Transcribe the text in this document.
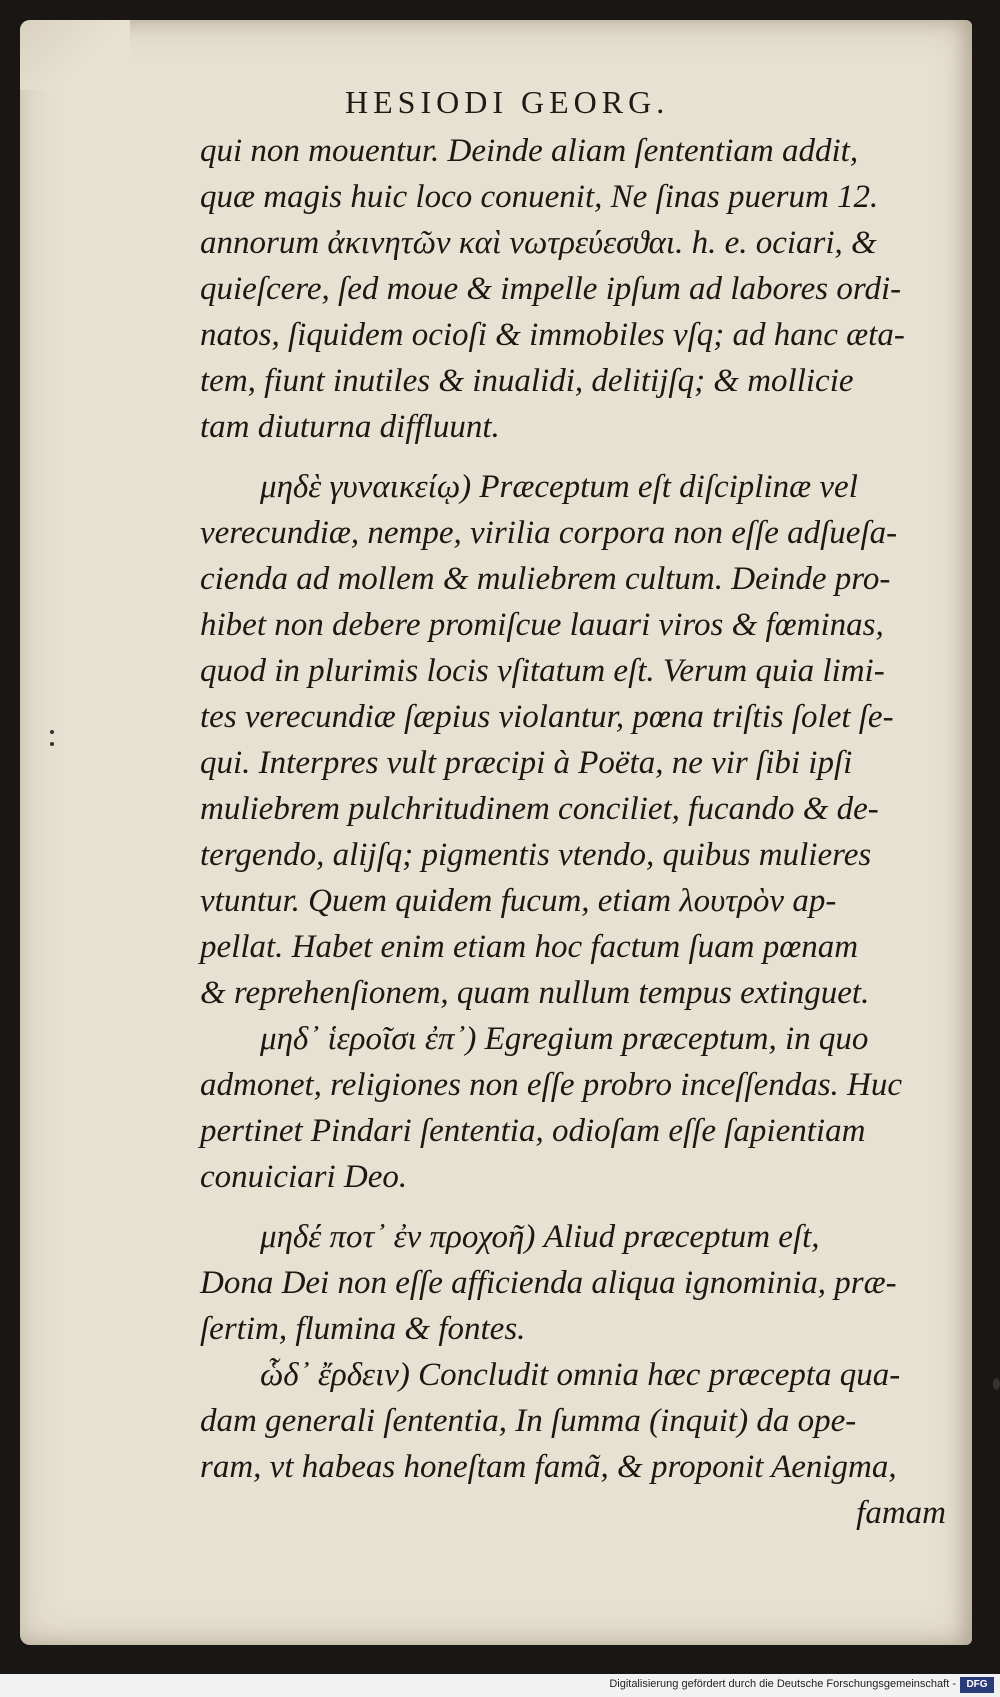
HESIODI GEORG.
qui non mouentur. Deinde aliam ſententiam addit,
quæ magis huic loco conuenit, Ne ſinas puerum 12.
annorum ἀκινητῶν καὶ νωτρεύεσϑαι. h. e. ociari, &
quieſcere, ſed moue & impelle ipſum ad labores ordi-
natos, ſiquidem ocioſi & immobiles vſq; ad hanc æta-
tem, fiunt inutiles & inualidi, delitijſq; & mollicie
tam diuturna diffluunt.
μηδὲ γυναικείῳ) Præceptum eſt diſciplinæ vel
verecundiæ, nempe, virilia corpora non eſſe adſueſa-
cienda ad mollem & muliebrem cultum. Deinde pro-
hibet non debere promiſcue lauari viros & fœminas,
quod in plurimis locis vſitatum eſt. Verum quia limi-
tes verecundiæ ſæpius violantur, pœna triſtis ſolet ſe-
qui. Interpres vult præcipi à Poëta, ne vir ſibi ipſi
muliebrem pulchritudinem conciliet, fucando & de-
tergendo, alijſq; pigmentis vtendo, quibus mulieres
vtuntur. Quem quidem fucum, etiam λουτρὸν ap-
pellat. Habet enim etiam hoc factum ſuam pœnam
& reprehenſionem, quam nullum tempus extinguet.
μηδ᾽ ἱεροῖσι ἐπ᾽) Egregium præceptum, in quo
admonet, religiones non eſſe probro inceſſendas. Huc
pertinet Pindari ſententia, odioſam eſſe ſapientiam
conuiciari Deo.
μηδέ ποτ᾽ ἐν προχοῆ) Aliud præceptum eſt,
Dona Dei non eſſe afficienda aliqua ignominia, præ-
ſertim, flumina & fontes.
ὧδ᾽ ἔρδειν) Concludit omnia hæc præcepta qua-
dam generali ſententia, In ſumma (inquit) da ope-
ram, vt habeas honeſtam famã, & proponit Aenigma,
famam
Digitalisierung gefördert durch die Deutsche Forschungsgemeinschaft -	DFG
